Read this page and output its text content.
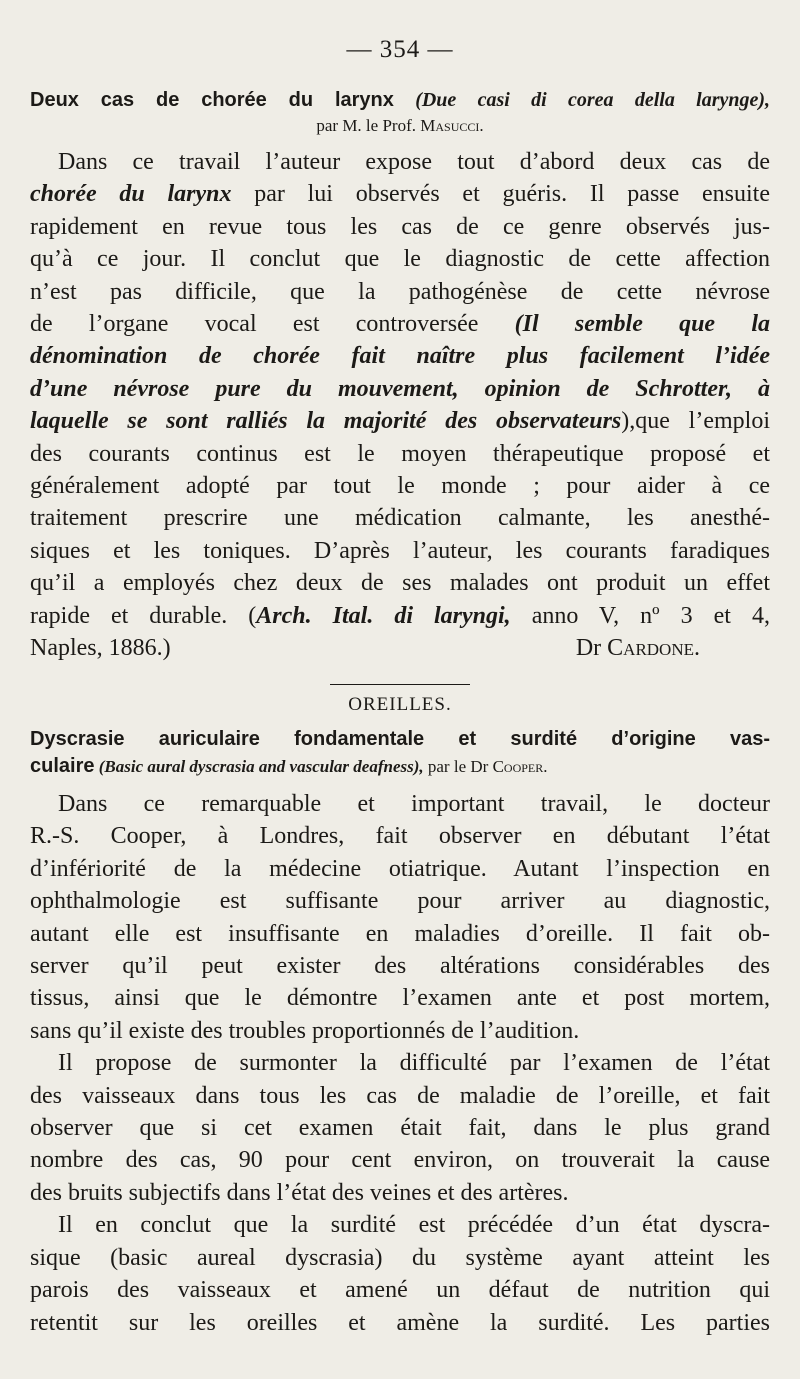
— 354 —
Deux cas de chorée du larynx (Due casi di corea della larynge),
par M. le Prof. Masucci.
Dans ce travail l’auteur expose tout d’abord deux cas de
chorée du larynx par lui observés et guéris. Il passe ensuite
rapidement en revue tous les cas de ce genre observés jus-
qu’à ce jour. Il conclut que le diagnostic de cette affection
n’est pas difficile, que la pathogénèse de cette névrose
de l’organe vocal est controversée (Il semble que la
dénomination de chorée fait naître plus facilement l’idée
d’une névrose pure du mouvement, opinion de Schrotter, à
laquelle se sont ralliés la majorité des observateurs),que l’emploi
des courants continus est le moyen thérapeutique proposé et
généralement adopté par tout le monde ; pour aider à ce
traitement prescrire une médication calmante, les anesthé-
siques et les toniques. D’après l’auteur, les courants faradiques
qu’il a employés chez deux de ses malades ont produit un effet
rapide et durable. (Arch. Ital. di laryngi, anno V, nº 3 et 4,
Naples, 1886.)	Dr Cardone.
OREILLES.
Dyscrasie auriculaire fondamentale et surdité d’origine vas-
culaire (Basic aural dyscrasia and vascular deafness), par le Dr Cooper.
Dans ce remarquable et important travail, le docteur
R.-S. Cooper, à Londres, fait observer en débutant l’état
d’infériorité de la médecine otiatrique. Autant l’inspection en
ophthalmologie est suffisante pour arriver au diagnostic,
autant elle est insuffisante en maladies d’oreille. Il fait ob-
server qu’il peut exister des altérations considérables des
tissus, ainsi que le démontre l’examen ante et post mortem,
sans qu’il existe des troubles proportionnés de l’audition.
Il propose de surmonter la difficulté par l’examen de l’état
des vaisseaux dans tous les cas de maladie de l’oreille, et fait
observer que si cet examen était fait, dans le plus grand
nombre des cas, 90 pour cent environ, on trouverait la cause
des bruits subjectifs dans l’état des veines et des artères.
Il en conclut que la surdité est précédée d’un état dyscra-
sique (basic aureal dyscrasia) du système ayant atteint les
parois des vaisseaux et amené un défaut de nutrition qui
retentit sur les oreilles et amène la surdité. Les parties
